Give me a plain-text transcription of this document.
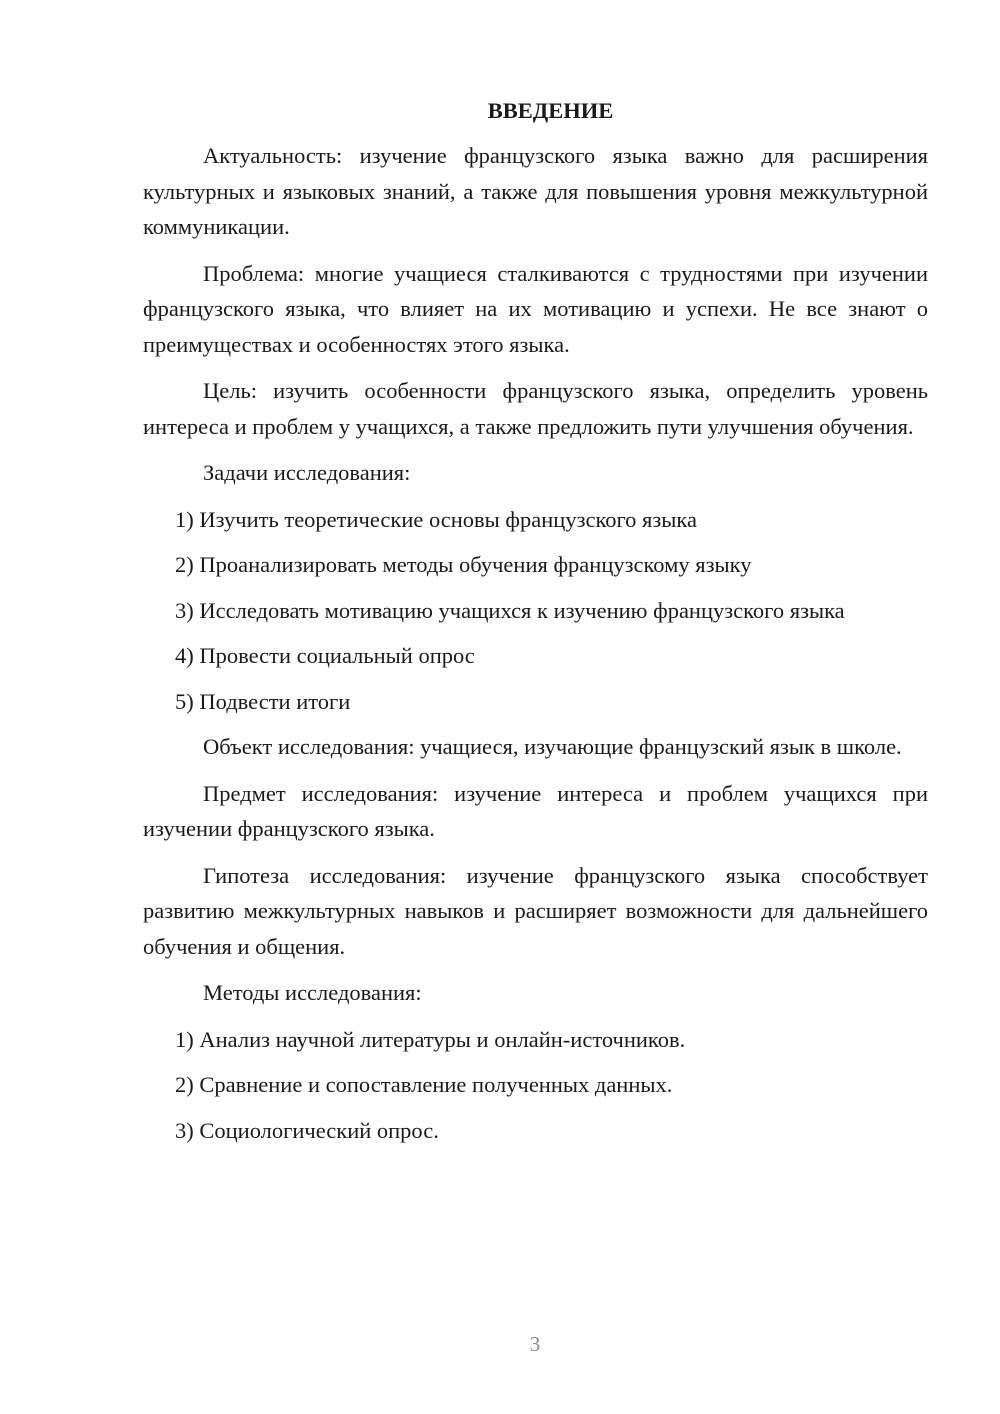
ВВЕДЕНИЕ

Актуальность: изучение французского языка важно для расширения культурных и языковых знаний, а также для повышения уровня межкультурной коммуникации.

Проблема: многие учащиеся сталкиваются с трудностями при изучении французского языка, что влияет на их мотивацию и успехи. Не все знают о преимуществах и особенностях этого языка.

Цель: изучить особенности французского языка, определить уровень интереса и проблем у учащихся, а также предложить пути улучшения обучения.

Задачи исследования:

1) Изучить теоретические основы французского языка

2) Проанализировать методы обучения французскому языку

3) Исследовать мотивацию учащихся к изучению французского языка

4) Провести социальный опрос

5) Подвести итоги

Объект исследования: учащиеся, изучающие французский язык в школе.

Предмет исследования: изучение интереса и проблем учащихся при изучении французского языка.

Гипотеза исследования: изучение французского языка способствует развитию межкультурных навыков и расширяет возможности для дальнейшего обучения и общения.

Методы исследования:

1) Анализ научной литературы и онлайн-источников.

2) Сравнение и сопоставление полученных данных.

3) Социологический опрос.

3
